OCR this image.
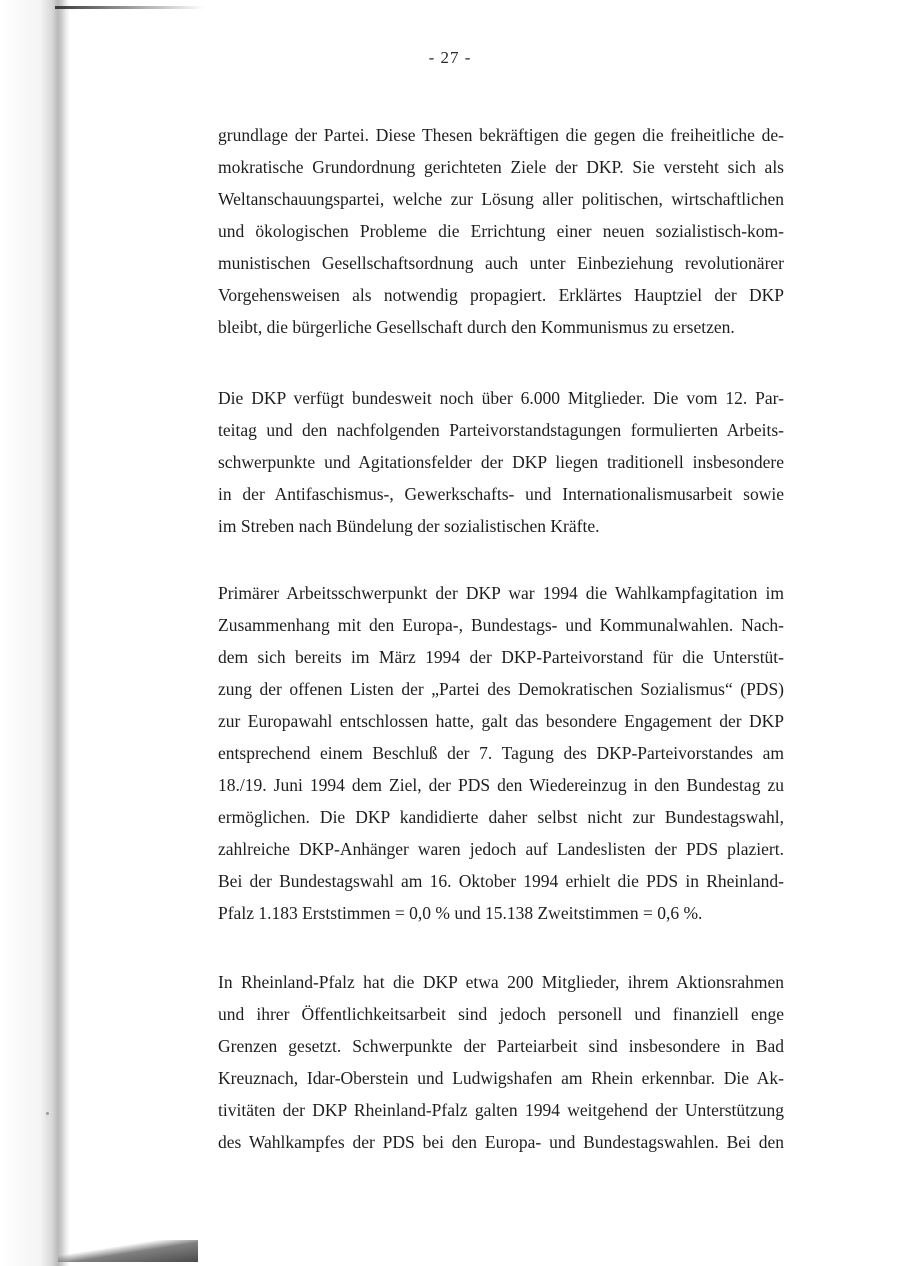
- 27 -
grundlage der Partei. Diese Thesen bekräftigen die gegen die freiheitliche de-
mokratische Grundordnung gerichteten Ziele der DKP. Sie versteht sich als
Weltanschauungspartei, welche zur Lösung aller politischen, wirtschaftlichen
und ökologischen Probleme die Errichtung einer neuen sozialistisch-kom-
munistischen Gesellschaftsordnung auch unter Einbeziehung revolutionärer
Vorgehensweisen als notwendig propagiert. Erklärtes Hauptziel der DKP
bleibt, die bürgerliche Gesellschaft durch den Kommunismus zu ersetzen.
Die DKP verfügt bundesweit noch über 6.000 Mitglieder. Die vom 12. Par-
teitag und den nachfolgenden Parteivorstandstagungen formulierten Arbeits-
schwerpunkte und Agitationsfelder der DKP liegen traditionell insbesondere
in der Antifaschismus-, Gewerkschafts- und Internationalismusarbeit sowie
im Streben nach Bündelung der sozialistischen Kräfte.
Primärer Arbeitsschwerpunkt der DKP war 1994 die Wahlkampfagitation im
Zusammenhang mit den Europa-, Bundestags- und Kommunalwahlen. Nach-
dem sich bereits im März 1994 der DKP-Parteivorstand für die Unterstüt-
zung der offenen Listen der „Partei des Demokratischen Sozialismus“ (PDS)
zur Europawahl entschlossen hatte, galt das besondere Engagement der DKP
entsprechend einem Beschluß der 7. Tagung des DKP-Parteivorstandes am
18./19. Juni 1994 dem Ziel, der PDS den Wiedereinzug in den Bundestag zu
ermöglichen. Die DKP kandidierte daher selbst nicht zur Bundestagswahl,
zahlreiche DKP-Anhänger waren jedoch auf Landeslisten der PDS plaziert.
Bei der Bundestagswahl am 16. Oktober 1994 erhielt die PDS in Rheinland-
Pfalz 1.183 Erststimmen = 0,0 % und 15.138 Zweitstimmen = 0,6 %.
In Rheinland-Pfalz hat die DKP etwa 200 Mitglieder, ihrem Aktionsrahmen
und ihrer Öffentlichkeitsarbeit sind jedoch personell und finanziell enge
Grenzen gesetzt. Schwerpunkte der Parteiarbeit sind insbesondere in Bad
Kreuznach, Idar-Oberstein und Ludwigshafen am Rhein erkennbar. Die Ak-
tivitäten der DKP Rheinland-Pfalz galten 1994 weitgehend der Unterstützung
des Wahlkampfes der PDS bei den Europa- und Bundestagswahlen. Bei den
